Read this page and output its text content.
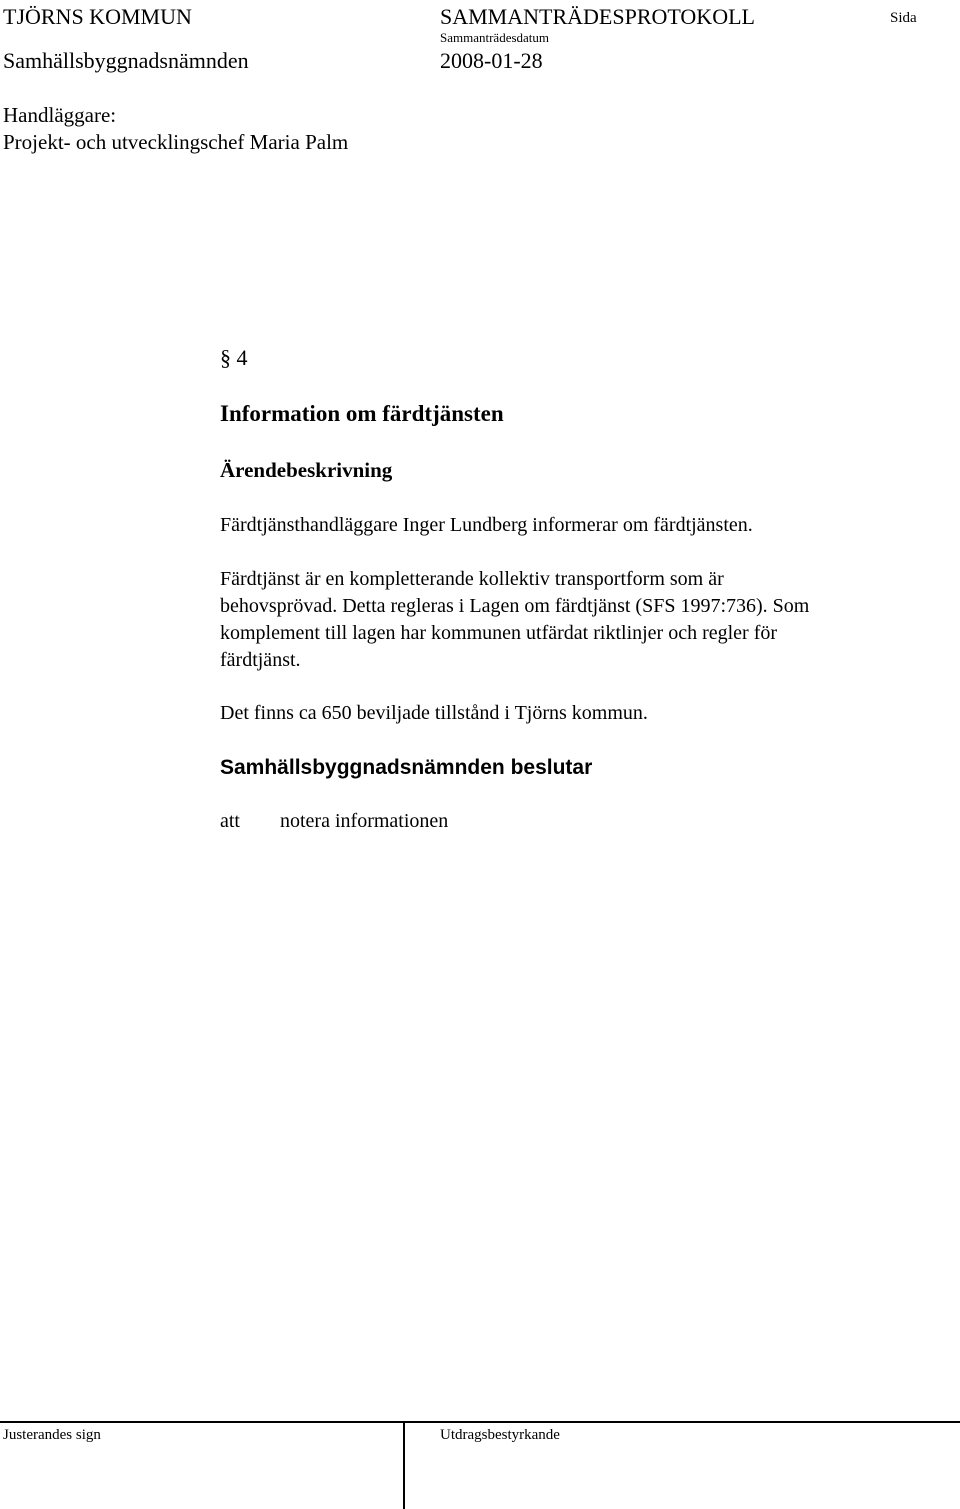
TJÖRNS KOMMUN	SAMMANTRÄDESPROTOKOLL	Sida

Sammanträdesdatum

Samhällsbyggnadsnämnden	2008-01-28

Handläggare:

Projekt- och utvecklingschef Maria Palm

§ 4

Information om färdtjänsten

Ärendebeskrivning

Färdtjänsthandläggare Inger Lundberg informerar om färdtjänsten.

Färdtjänst är en kompletterande kollektiv transportform som är
behovsprövad. Detta regleras i Lagen om färdtjänst (SFS 1997:736). Som
komplement till lagen har kommunen utfärdat riktlinjer och regler för
färdtjänst.

Det finns ca 650 beviljade tillstånd i Tjörns kommun.

Samhällsbyggnadsnämnden beslutar

att notera informationen

Justerandes sign	Utdragsbestyrkande
